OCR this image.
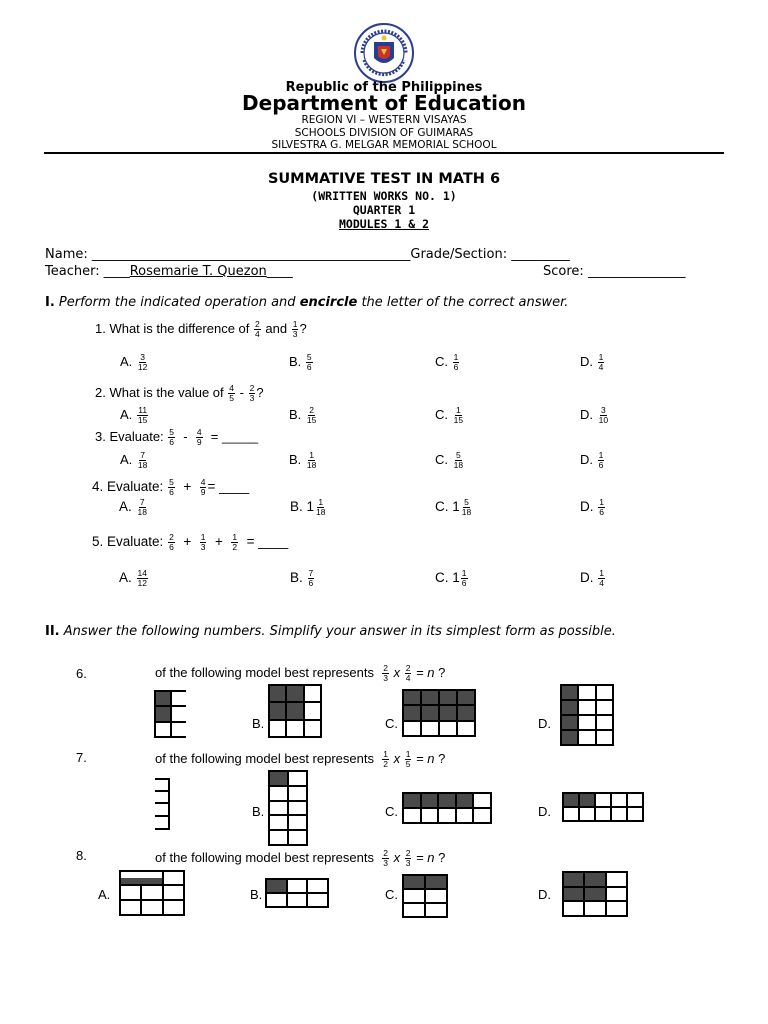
Republic of the Philippines
Department of Education
REGION VI – WESTERN VISAYAS
SCHOOLS DIVISION OF GUIMARAS
SILVESTRA G. MELGAR MEMORIAL SCHOOL
SUMMATIVE TEST IN MATH 6
(WRITTEN WORKS NO. 1)
QUARTER 1
MODULES 1 & 2
Name: _________________________________________________Grade/Section: _________
Teacher: ____Rosemarie T. Quezon____	Score: _______________
I. Perform the indicated operation and encircle the letter of the correct answer.
1. What is the difference of $\frac{2}{4}$ and $\frac{1}{3}$ ?
A. $\frac{3}{12}$	B. $\frac{5}{6}$	C. $\frac{1}{6}$	D. $\frac{1}{4}$
2. What is the value of $\frac{4}{5} - \frac{2}{3}$ ?
A. $\frac{11}{15}$	B. $\frac{2}{15}$	C. $\frac{1}{15}$	D. $\frac{3}{10}$
3. Evaluate: $\frac{5}{6} - \frac{4}{9}$ = _____
A. $\frac{7}{18}$	B. $\frac{1}{18}$	C. $\frac{5}{18}$	D. $\frac{1}{6}$
4. Evaluate: $\frac{5}{6} + \frac{4}{9}$ = ____
A. $\frac{7}{18}$	B. $1 \frac{1}{18}$	C. $1 \frac{5}{18}$	D. $\frac{1}{6}$
5. Evaluate: $\frac{2}{6} + \frac{1}{3} + \frac{1}{2}$ = ____
A. $\frac{14}{12}$	B. $\frac{7}{6}$	C. $1 \frac{1}{6}$	D. $\frac{1}{4}$
II. Answer the following numbers. Simplify your answer in its simplest form as possible.
6.	of the following model best represents $\frac{2}{3}$ x $\frac{2}{4} = n$ ?
B.	C.	D.
7.	of the following model best represents $\frac{1}{2}$ x $\frac{1}{5} = n$ ?
B.	C.	D.
8.	of the following model best represents $\frac{2}{3}$ x $\frac{2}{3} = n$ ?
A.	B.	C.	D.
